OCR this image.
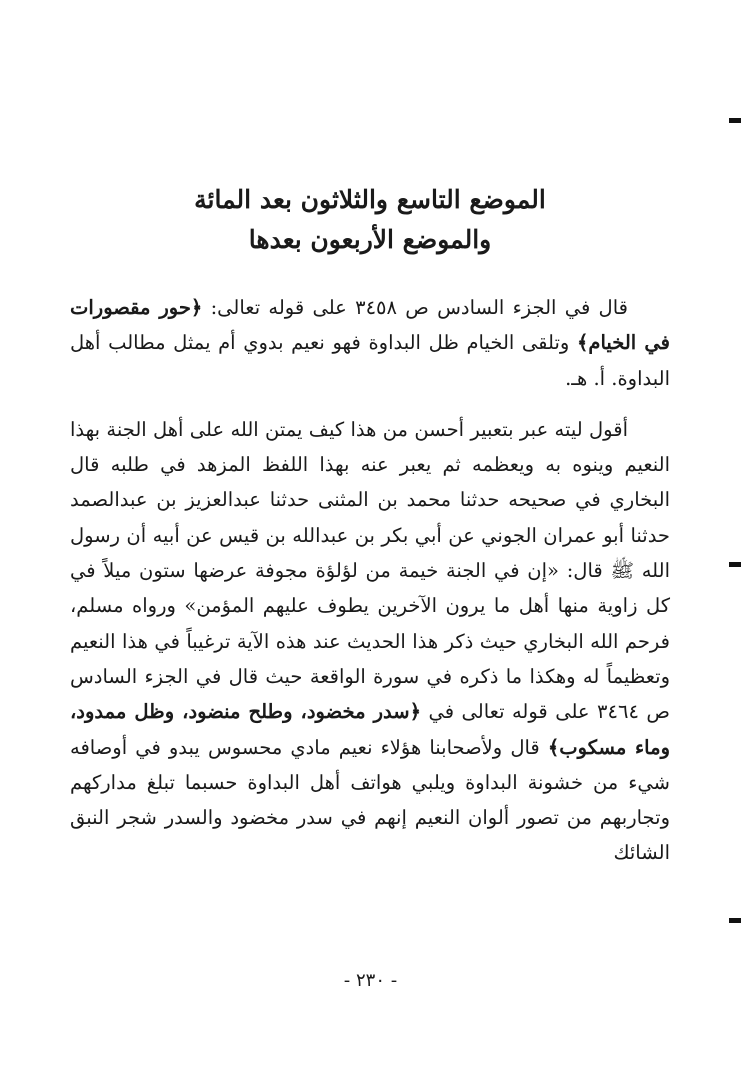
الموضع التاسع والثلاثون بعد المائة
والموضع الأربعون بعدها

قال في الجزء السادس ص ٣٤٥٨ على قوله تعالى: ﴿حور مقصورات في الخيام﴾ وتلقى الخيام ظل البداوة فهو نعيم بدوي أم يمثل مطالب أهل البداوة. أ. هـ.

أقول ليته عبر بتعبير أحسن من هذا كيف يمتن الله على أهل الجنة بهذا النعيم وينوه به ويعظمه ثم يعبر عنه بهذا اللفظ المزهد في طلبه قال البخاري في صحيحه حدثنا محمد بن المثنى حدثنا عبدالعزيز بن عبدالصمد حدثنا أبو عمران الجوني عن أبي بكر بن عبدالله بن قيس عن أبيه أن رسول الله ﷺ قال: «إن في الجنة خيمة من لؤلؤة مجوفة عرضها ستون ميلاً في كل زاوية منها أهل ما يرون الآخرين يطوف عليهم المؤمن» ورواه مسلم، فرحم الله البخاري حيث ذكر هذا الحديث عند هذه الآية ترغيباً في هذا النعيم وتعظيماً له وهكذا ما ذكره في سورة الواقعة حيث قال في الجزء السادس ص ٣٤٦٤ على قوله تعالى في ﴿سدر مخضود، وطلح منضود، وظل ممدود، وماء مسكوب﴾ قال ولأصحابنا هؤلاء نعيم مادي محسوس يبدو في أوصافه شيء من خشونة البداوة ويلبي هواتف أهل البداوة حسبما تبلغ مداركهم وتجاربهم من تصور ألوان النعيم إنهم في سدر مخضود والسدر شجر النبق الشائك

- ٢٣٠ -
